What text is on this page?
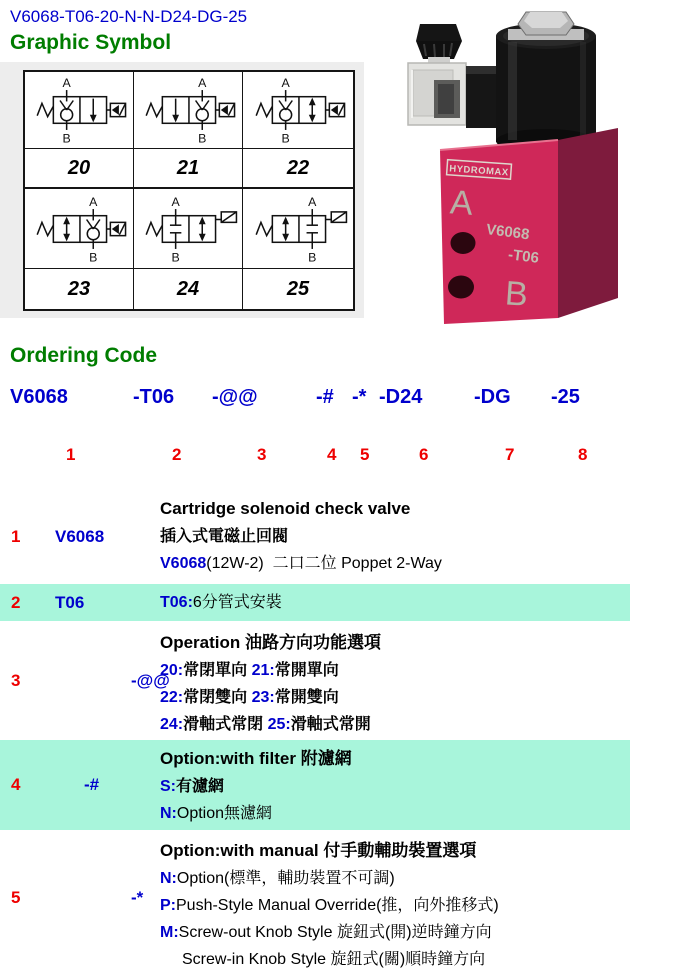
V6068-T06-20-N-N-D24-DG-25
Graphic Symbol
A
B
A
B
A
B
20	21	22
A
B
A
B
A
B
23	24	25
HYDROMAX
A
V6068
-T06
B
Ordering Code
V6068	-T06 -@@	-# -* -D24	-DG -25
1	2	3	4 5	6	7	8
1 V6068
Cartridge solenoid check valve
插入式電磁止回閥
V6068(12W-2)  二口二位 Poppet 2-Way
2 T06	T06:6分管式安裝
3	-@@
Operation 油路方向功能選項
20:常閉單向 21:常開單向
22:常閉雙向 23:常開雙向
24:滑軸式常閉 25:滑軸式常開
4	-#
Option:with filter 附濾網
S:有濾網
N:Option無濾網
5	-*
Option:with manual 付手動輔助裝置選項
N:Option(標準，輔助裝置不可調)
P:Push-Style Manual Override(推，向外推移式)
M:Screw-out Knob Style 旋鈕式(開)逆時鐘方向
Screw-in Knob Style 旋鈕式(關)順時鐘方向
